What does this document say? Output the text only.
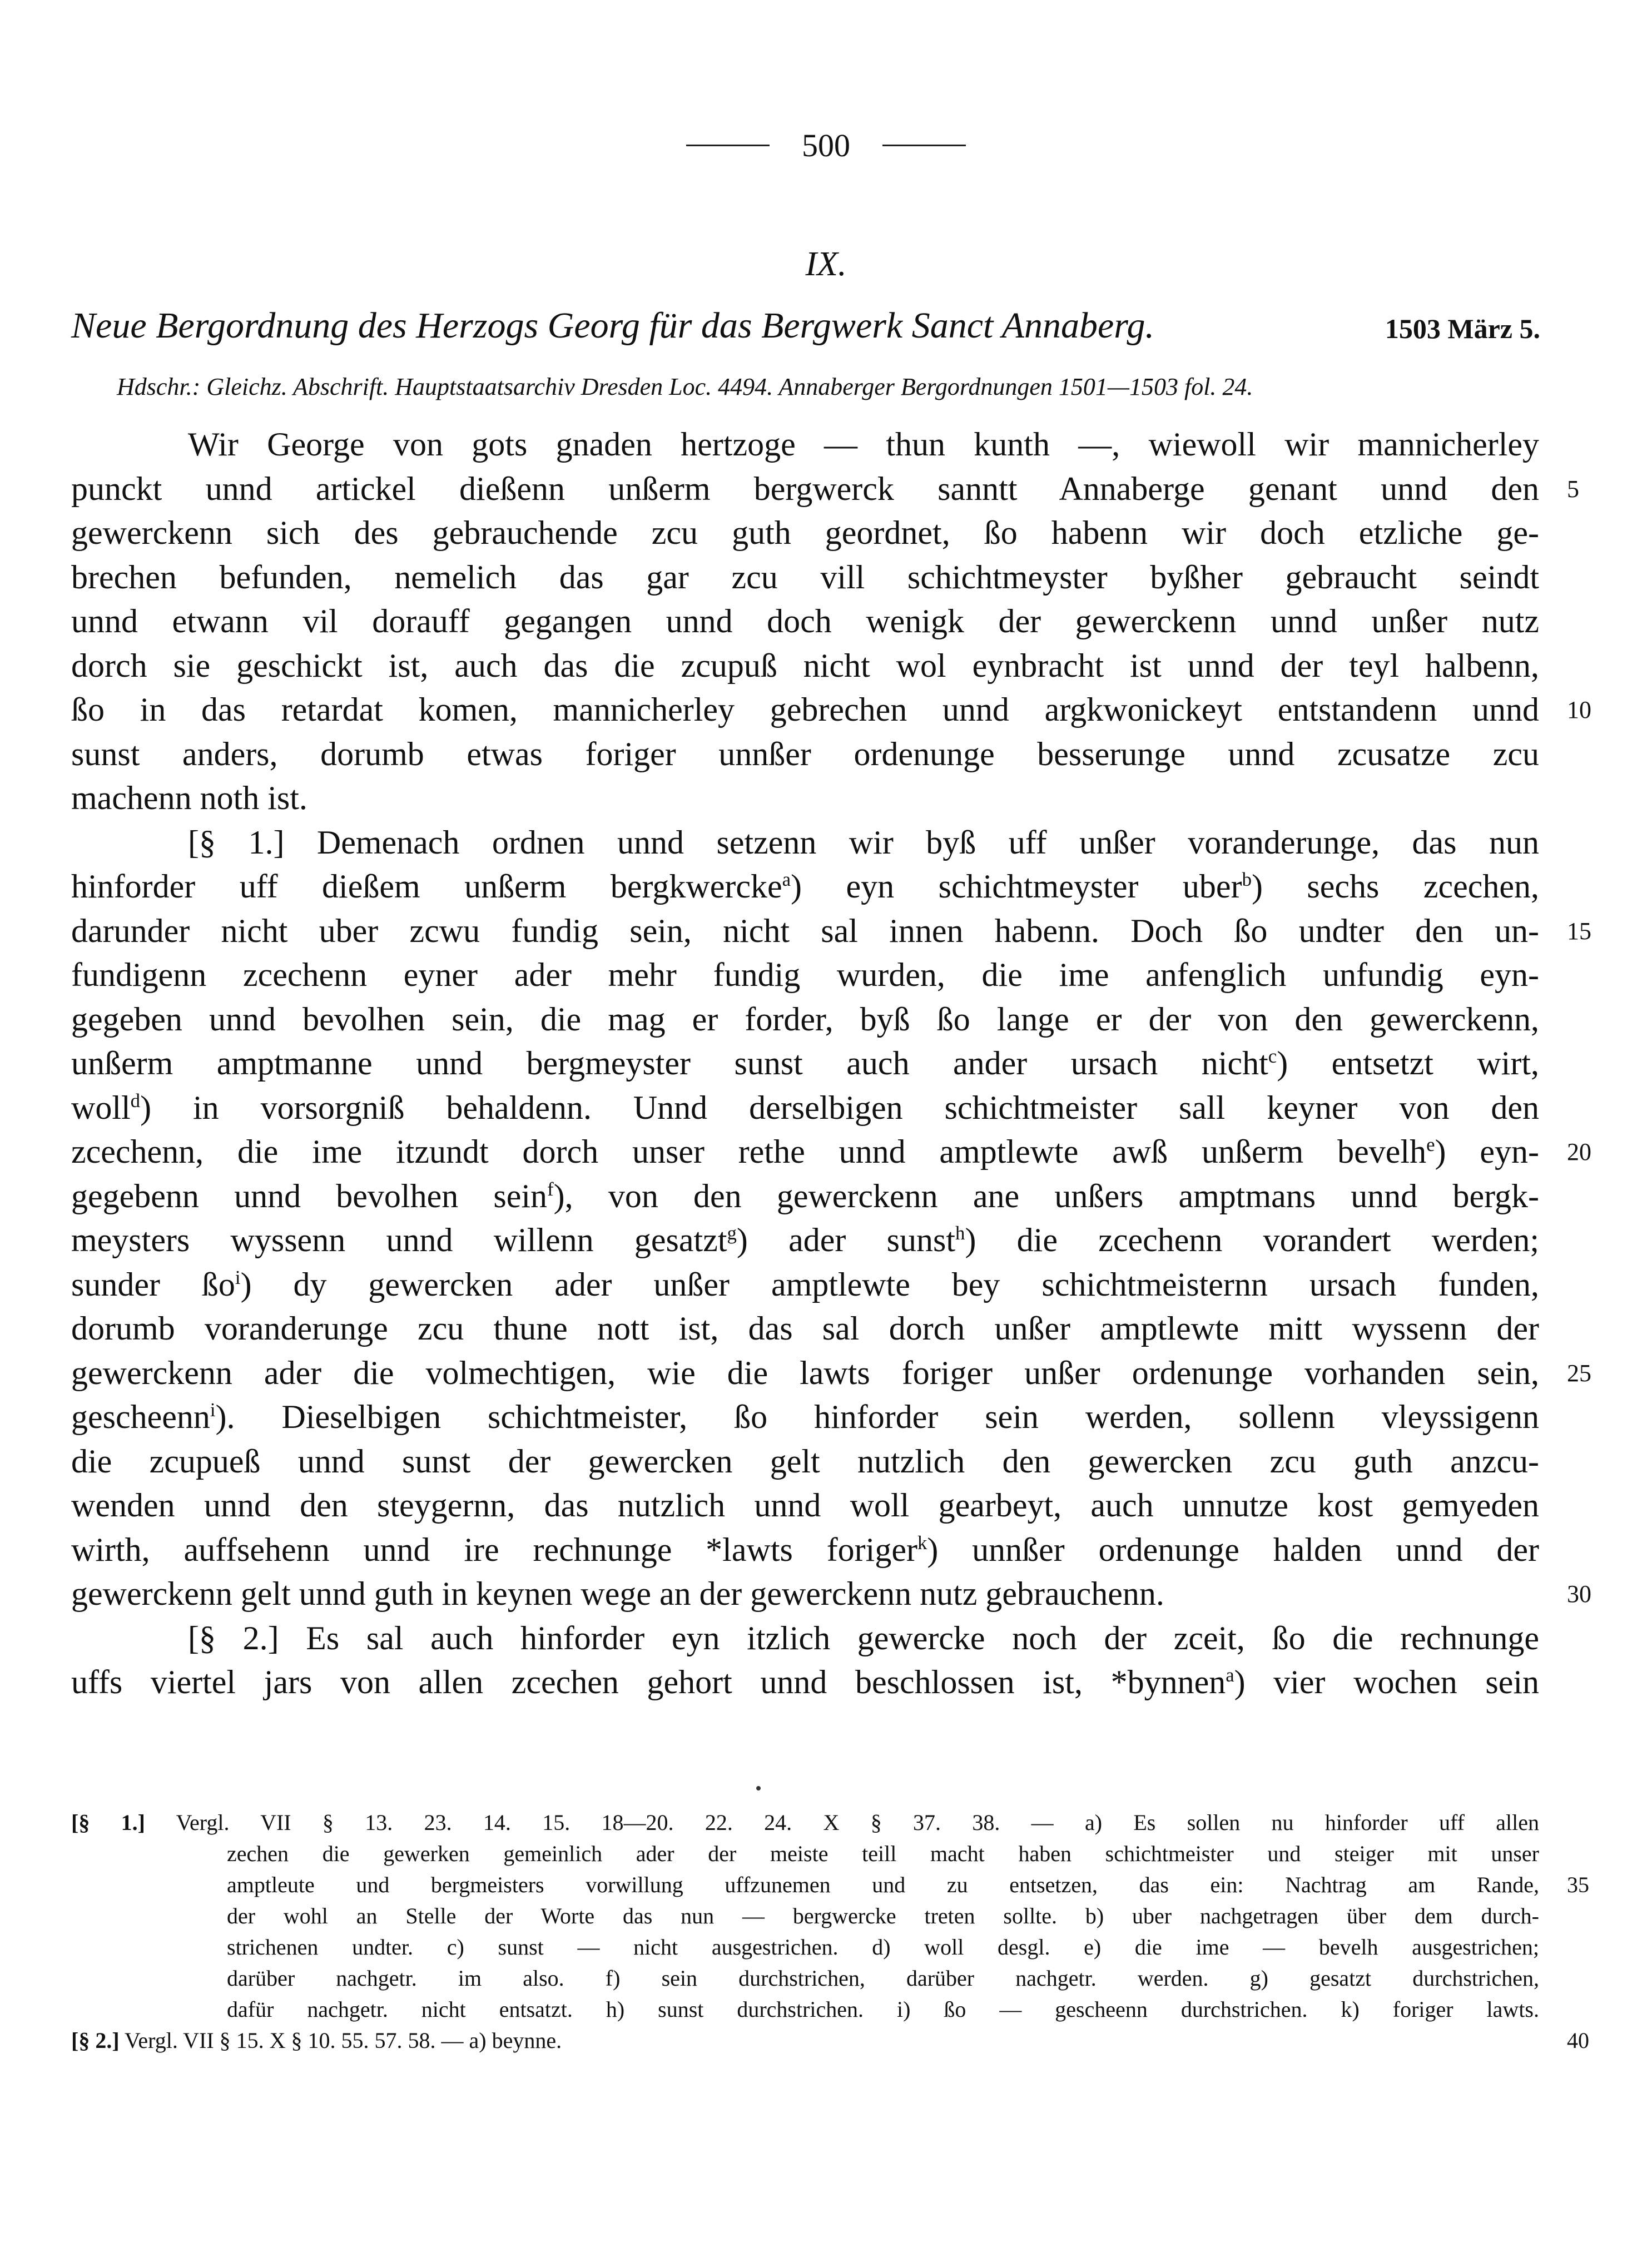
500
IX.
Neue Bergordnung des Herzogs Georg für das Bergwerk Sanct Annaberg.	1503 März 5.
Hdschr.: Gleichz. Abschrift. Hauptstaatsarchiv Dresden Loc. 4494. Annaberger Bergordnungen 1501—1503 fol. 24.
Wir George von gots gnaden hertzoge — thun kunth —, wiewoll wir mannicherley
punckt unnd artickel dießenn unßerm bergwerck sanntt Annaberge genant unnd den 5
gewerckenn sich des gebrauchende zcu guth geordnet, ßo habenn wir doch etzliche ge-
brechen befunden, nemelich das gar zcu vill schichtmeyster byßher gebraucht seindt
unnd etwann vil dorauff gegangen unnd doch wenigk der gewerckenn unnd unßer nutz
dorch sie geschickt ist, auch das die zcupuß nicht wol eynbracht ist unnd der teyl halbenn,
ßo in das retardat komen, mannicherley gebrechen unnd argkwonickeyt entstandenn unnd 10
sunst anders, dorumb etwas foriger unnßer ordenunge besserunge unnd zcusatze zcu
machenn noth ist.
[§ 1.] Demenach ordnen unnd setzenn wir byß uff unßer voranderunge, das nun
hinforder uff dießem unßerm bergkwercke$^a$) eyn schichtmeyster uber$^b$) sechs zcechen,
darunder nicht uber zcwu fundig sein, nicht sal innen habenn. Doch ßo undter den un- 15
fundigenn zcechenn eyner ader mehr fundig wurden, die ime anfenglich unfundig eyn-
gegeben unnd bevolhen sein, die mag er forder, byß ßo lange er der von den gewerckenn,
unßerm amptmanne unnd bergmeyster sunst auch ander ursach nicht$^c$) entsetzt wirt,
woll$^d$) in vorsorgniß behaldenn. Unnd derselbigen schichtmeister sall keyner von den
zcechenn, die ime itzundt dorch unser rethe unnd amptlewte awß unßerm bevelh$^e$) eyn- 20
gegebenn unnd bevolhen sein$^f$), von den gewerckenn ane unßers amptmans unnd bergk-
meysters wyssenn unnd willenn gesatzt$^g$) ader sunst$^h$) die zcechenn vorandert werden;
sunder $ßo^i$) dy gewercken ader unßer amptlewte bey schichtmeisternn ursach funden,
dorumb voranderunge zcu thune nott ist, das sal dorch unßer amptlewte mitt wyssenn der
gewerckenn ader die volmechtigen, wie die lawts foriger unßer ordenunge vorhanden sein, 25
gescheenn$^i$). Dieselbigen schichtmeister, ßo hinforder sein werden, sollenn vleyssigenn
die zcupueß unnd sunst der gewercken gelt nutzlich den gewercken zcu guth anzcu-
wenden unnd den steygernn, das nutzlich unnd woll gearbeyt, auch unnutze kost gemyeden
wirth, auffsehenn unnd ire rechnunge *lawts foriger$^k$) unnßer ordenunge halden unnd der
gewerckenn gelt unnd guth in keynen wege an der gewerckenn nutz gebrauchenn.	30
[§ 2.] Es sal auch hinforder eyn itzlich gewercke noch der zceit, ßo die rechnunge
uffs viertel jars von allen zcechen gehort unnd beschlossen ist, *bynnen$^a$) vier wochen sein
[§ 1.] Vergl. VII § 13. 23. 14. 15. 18—20. 22. 24. X § 37. 38. — a) Es sollen nu hinforder uff allen
zechen die gewerken gemeinlich ader der meiste teill macht haben schichtmeister und steiger mit unser
amptleute und bergmeisters vorwillung uffzunemen und zu entsetzen, das ein: Nachtrag am Rande, 35
der wohl an Stelle der Worte das nun — bergwercke treten sollte. b) uber nachgetragen über dem durch-
strichenen undter. c) sunst — nicht ausgestrichen. d) woll desgl. e) die ime — bevelh ausgestrichen;
darüber nachgetr. im also. f) sein durchstrichen, darüber nachgetr. werden. g) gesatzt durchstrichen,
dafür nachgetr. nicht entsatzt. h) sunst durchstrichen. i) ßo — gescheenn durchstrichen. k) foriger lawts.
[§ 2.] Vergl. VII § 15. X § 10. 55. 57. 58. — a) beynne.	40
